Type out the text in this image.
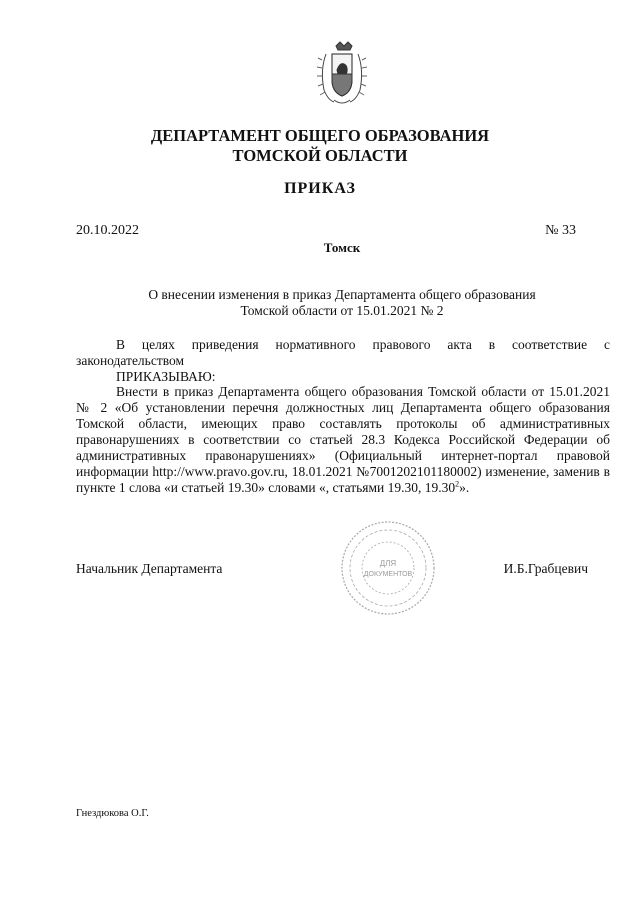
ДЕПАРТАМЕНТ ОБЩЕГО ОБРАЗОВАНИЯ
ТОМСКОЙ ОБЛАСТИ
ПРИКАЗ
20.10.2022	№ 33
Томск
О внесении изменения в приказ Департамента общего образования
Томской области от 15.01.2021 № 2
В целях приведения нормативного правового акта в соответствие с законодательством
ПРИКАЗЫВАЮ:
Внести в приказ Департамента общего образования Томской области от 15.01.2021 № 2 «Об установлении перечня должностных лиц Департамента общего образования Томской области, имеющих право составлять протоколы об административных правонарушениях в соответствии со статьей 28.3 Кодекса Российской Федерации об административных правонарушениях» (Официальный интернет-портал правовой информации http://www.pravo.gov.ru, 18.01.2021 №7001202101180002) изменение, заменив в пункте 1 слова «и статьей 19.30» словами «, статьями 19.30, 19.30$^2$».
Начальник Департамента	ДЛЯ
ДОКУМЕНТОВ	И.Б.Грабцевич
Гнездюкова О.Г.
